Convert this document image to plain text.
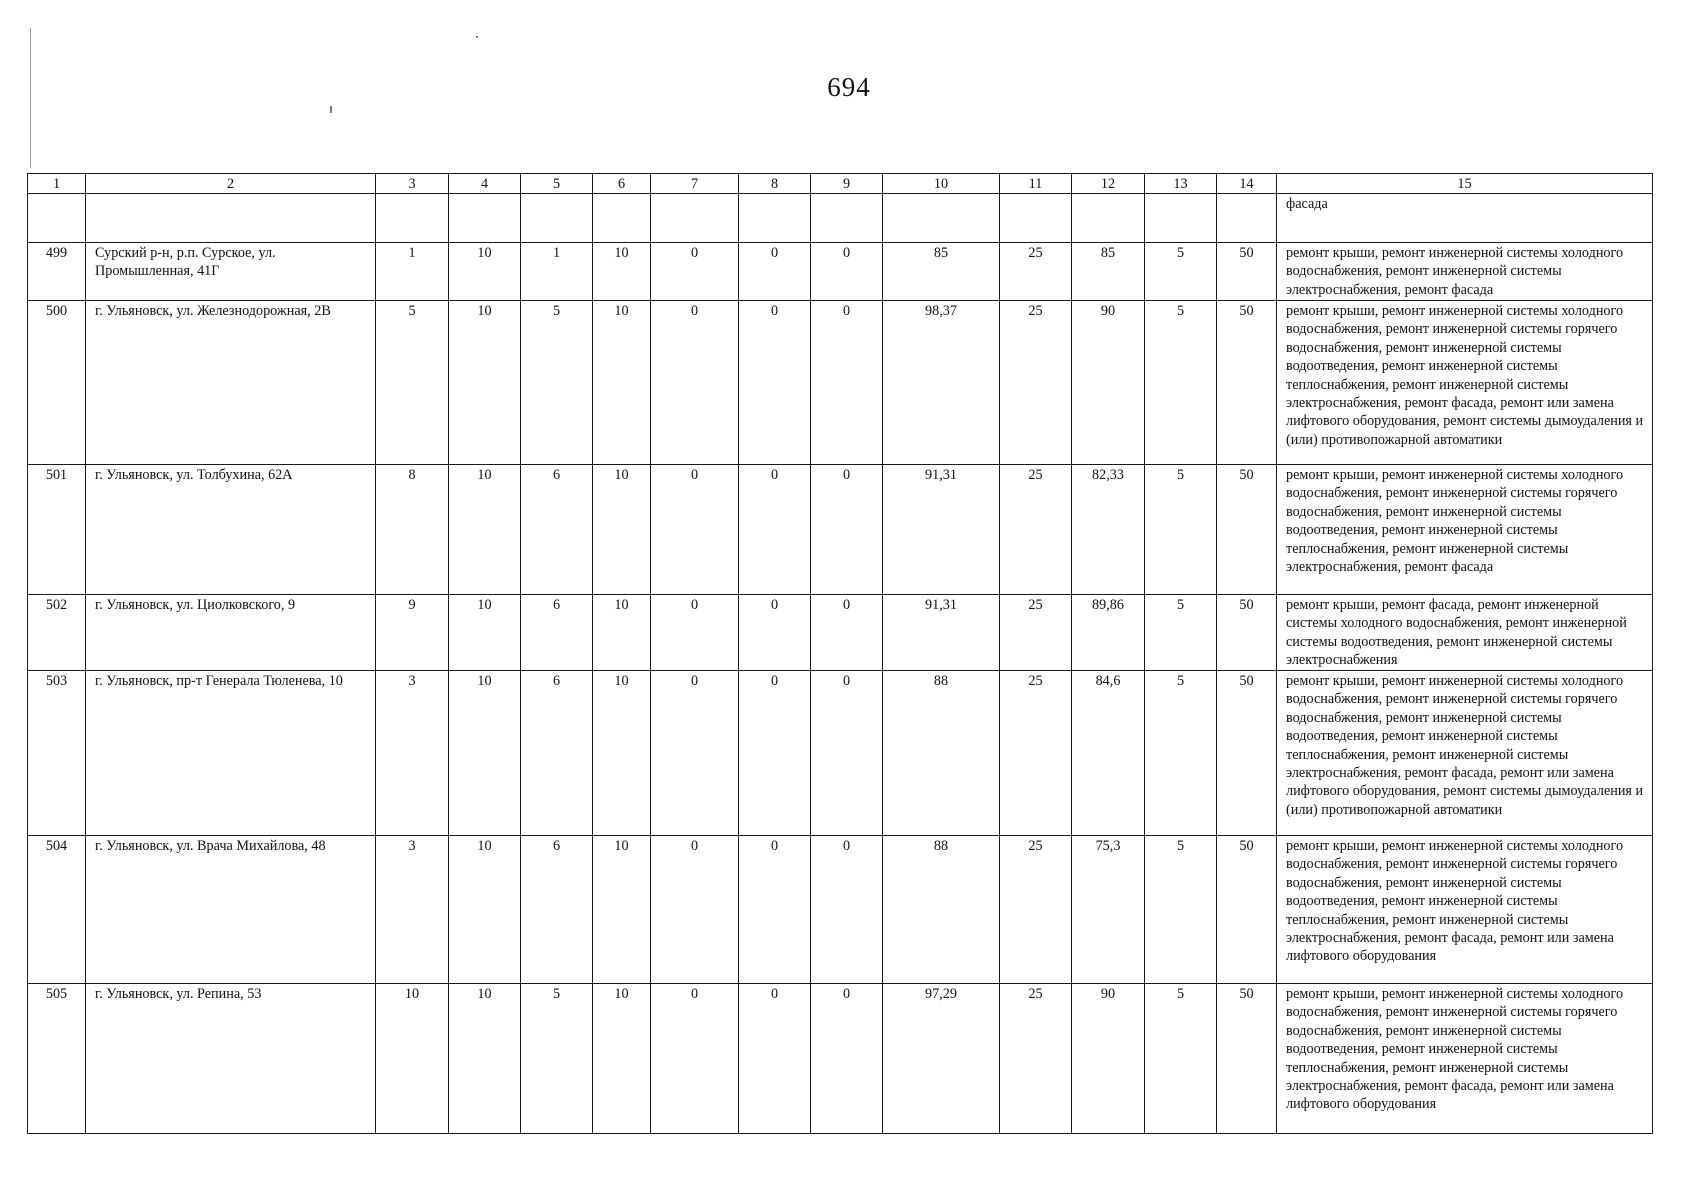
694
1	2	3	4	5	6	7	8	9	10	11	12	13	14	15
														фасада
499	Сурский р-н, р.п. Сурское, ул. Промышленная, 41Г	1	10	1	10	0	0	0	85	25	85	5	50	ремонт крыши, ремонт инженерной системы холодного водоснабжения, ремонт инженерной системы электроснабжения, ремонт фасада
500	г. Ульяновск, ул. Железнодорожная, 2В	5	10	5	10	0	0	0	98,37	25	90	5	50	ремонт крыши, ремонт инженерной системы холодного водоснабжения, ремонт инженерной системы горячего водоснабжения, ремонт инженерной системы водоотведения, ремонт инженерной системы теплоснабжения, ремонт инженерной системы электроснабжения, ремонт фасада, ремонт или замена лифтового оборудования, ремонт системы дымоудаления и (или) противопожарной автоматики
501	г. Ульяновск, ул. Толбухина, 62А	8	10	6	10	0	0	0	91,31	25	82,33	5	50	ремонт крыши, ремонт инженерной системы холодного водоснабжения, ремонт инженерной системы горячего водоснабжения, ремонт инженерной системы водоотведения, ремонт инженерной системы теплоснабжения, ремонт инженерной системы электроснабжения, ремонт фасада
502	г. Ульяновск, ул. Циолковского, 9	9	10	6	10	0	0	0	91,31	25	89,86	5	50	ремонт крыши, ремонт фасада, ремонт инженерной системы холодного водоснабжения, ремонт инженерной системы водоотведения, ремонт инженерной системы электроснабжения
503	г. Ульяновск, пр-т Генерала Тюленева, 10	3	10	6	10	0	0	0	88	25	84,6	5	50	ремонт крыши, ремонт инженерной системы холодного водоснабжения, ремонт инженерной системы горячего водоснабжения, ремонт инженерной системы водоотведения, ремонт инженерной системы теплоснабжения, ремонт инженерной системы электроснабжения, ремонт фасада, ремонт или замена лифтового оборудования, ремонт системы дымоудаления и (или) противопожарной автоматики
504	г. Ульяновск, ул. Врача Михайлова, 48	3	10	6	10	0	0	0	88	25	75,3	5	50	ремонт крыши, ремонт инженерной системы холодного водоснабжения, ремонт инженерной системы горячего водоснабжения, ремонт инженерной системы водоотведения, ремонт инженерной системы теплоснабжения, ремонт инженерной системы электроснабжения, ремонт фасада, ремонт или замена лифтового оборудования
505	г. Ульяновск, ул. Репина, 53	10	10	5	10	0	0	0	97,29	25	90	5	50	ремонт крыши, ремонт инженерной системы холодного водоснабжения, ремонт инженерной системы горячего водоснабжения, ремонт инженерной системы водоотведения, ремонт инженерной системы теплоснабжения, ремонт инженерной системы электроснабжения, ремонт фасада, ремонт или замена лифтового оборудования
